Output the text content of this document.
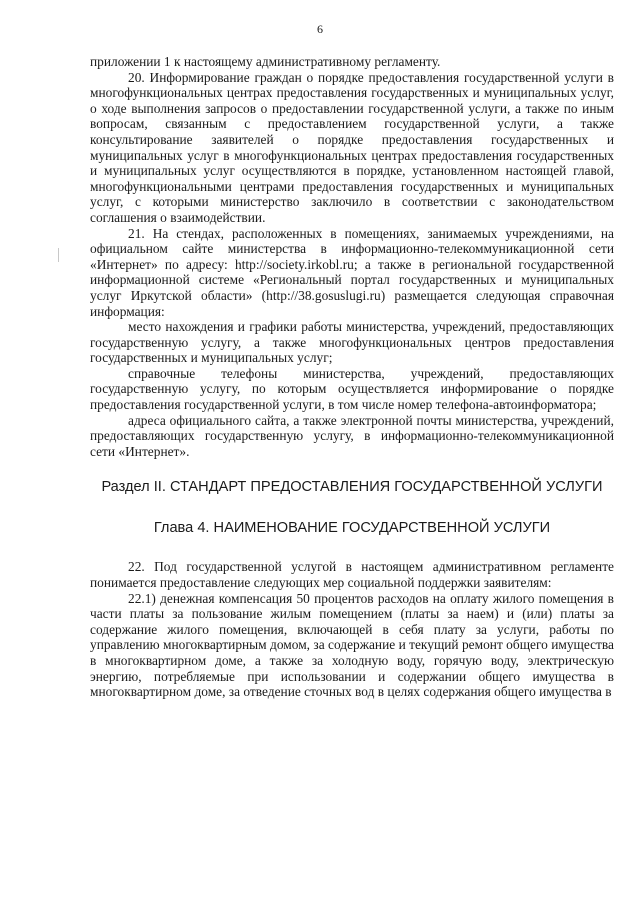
6

приложении 1 к настоящему административному регламенту.

20. Информирование граждан о порядке предоставления государственной услуги в многофункциональных центрах предоставления государственных и муниципальных услуг, о ходе выполнения запросов о предоставлении государственной услуги, а также по иным вопросам, связанным с предоставлением государственной услуги, а также консультирование заявителей о порядке предоставления государственных и муниципальных услуг в многофункциональных центрах предоставления государственных и муниципальных услуг осуществляются в порядке, установленном настоящей главой, многофункциональными центрами предоставления государственных и муниципальных услуг, с которыми министерство заключило в соответствии с законодательством соглашения о взаимодействии.

21. На стендах, расположенных в помещениях, занимаемых учреждениями, на официальном сайте министерства в информационно-телекоммуникационной сети «Интернет» по адресу: http://society.irkobl.ru; а также в региональной государственной информационной системе «Региональный портал государственных и муниципальных услуг Иркутской области» (http://38.gosuslugi.ru) размещается следующая справочная информация:

место нахождения и графики работы министерства, учреждений, предоставляющих государственную услугу, а также многофункциональных центров предоставления государственных и муниципальных услуг;

справочные телефоны министерства, учреждений, предоставляющих государственную услугу, по которым осуществляется информирование о порядке предоставления государственной услуги, в том числе номер телефона-автоинформатора;

адреса официального сайта, а также электронной почты министерства, учреждений, предоставляющих государственную услугу, в информационно-телекоммуникационной сети «Интернет».

Раздел II. СТАНДАРТ ПРЕДОСТАВЛЕНИЯ ГОСУДАРСТВЕННОЙ УСЛУГИ

Глава 4. НАИМЕНОВАНИЕ ГОСУДАРСТВЕННОЙ УСЛУГИ

22. Под государственной услугой в настоящем административном регламенте понимается предоставление следующих мер социальной поддержки заявителям:

22.1) денежная компенсация 50 процентов расходов на оплату жилого помещения в части платы за пользование жилым помещением (платы за наем) и (или) платы за содержание жилого помещения, включающей в себя плату за услуги, работы по управлению многоквартирным домом, за содержание и текущий ремонт общего имущества в многоквартирном доме, а также за холодную воду, горячую воду, электрическую энергию, потребляемые при использовании и содержании общего имущества в многоквартирном доме, за отведение сточных вод в целях содержания общего имущества в
